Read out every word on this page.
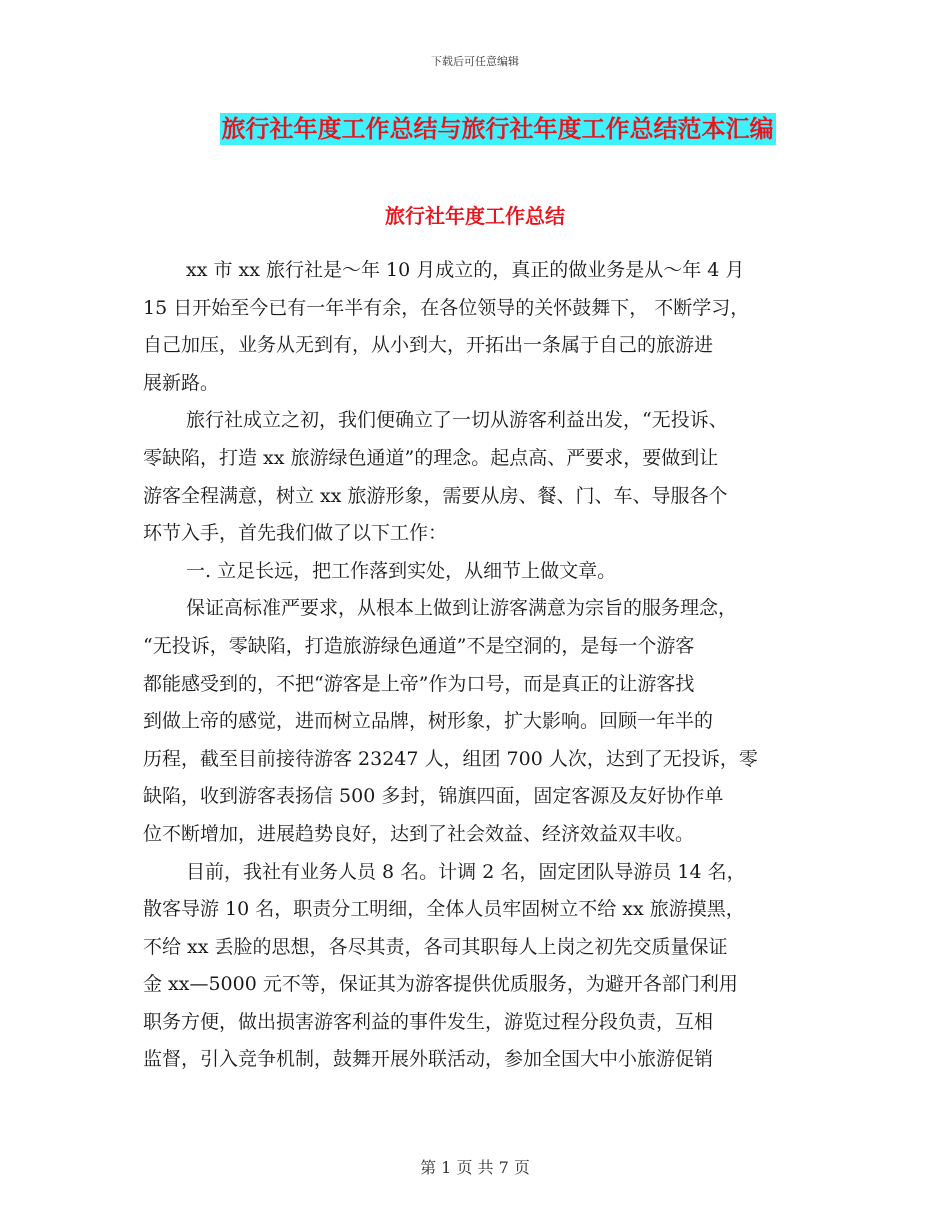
下载后可任意编辑
旅行社年度工作总结与旅行社年度工作总结范本汇编
旅行社年度工作总结
xx 市 xx 旅行社是～年 10 月成立的，真正的做业务是从～年 4 月
15 日开始至今已有一年半有余，在各位领导的关怀鼓舞下， 不断学习，
自己加压，业务从无到有，从小到大，开拓出一条属于自己的旅游进
展新路。
旅行社成立之初，我们便确立了一切从游客利益出发，“无投诉、
零缺陷，打造 xx 旅游绿色通道”的理念。起点高、严要求，要做到让
游客全程满意，树立 xx 旅游形象，需要从房、餐、门、车、导服各个
环节入手，首先我们做了以下工作：
一. 立足长远，把工作落到实处，从细节上做文章。
保证高标准严要求，从根本上做到让游客满意为宗旨的服务理念，
“无投诉，零缺陷，打造旅游绿色通道”不是空洞的，是每一个游客
都能感受到的，不把“游客是上帝”作为口号，而是真正的让游客找
到做上帝的感觉，进而树立品牌，树形象，扩大影响。回顾一年半的
历程，截至目前接待游客 23247 人，组团 700 人次，达到了无投诉，零
缺陷，收到游客表扬信 500 多封，锦旗四面，固定客源及友好协作单
位不断增加，进展趋势良好，达到了社会效益、经济效益双丰收。
目前，我社有业务人员 8 名。计调 2 名，固定团队导游员 14 名，
散客导游 10 名，职责分工明细，全体人员牢固树立不给 xx 旅游摸黑，
不给 xx 丢脸的思想，各尽其责，各司其职每人上岗之初先交质量保证
金 xx—5000 元不等，保证其为游客提供优质服务，为避开各部门利用
职务方便，做出损害游客利益的事件发生，游览过程分段负责，互相
监督，引入竞争机制，鼓舞开展外联活动，参加全国大中小旅游促销
第 1 页 共 7 页
